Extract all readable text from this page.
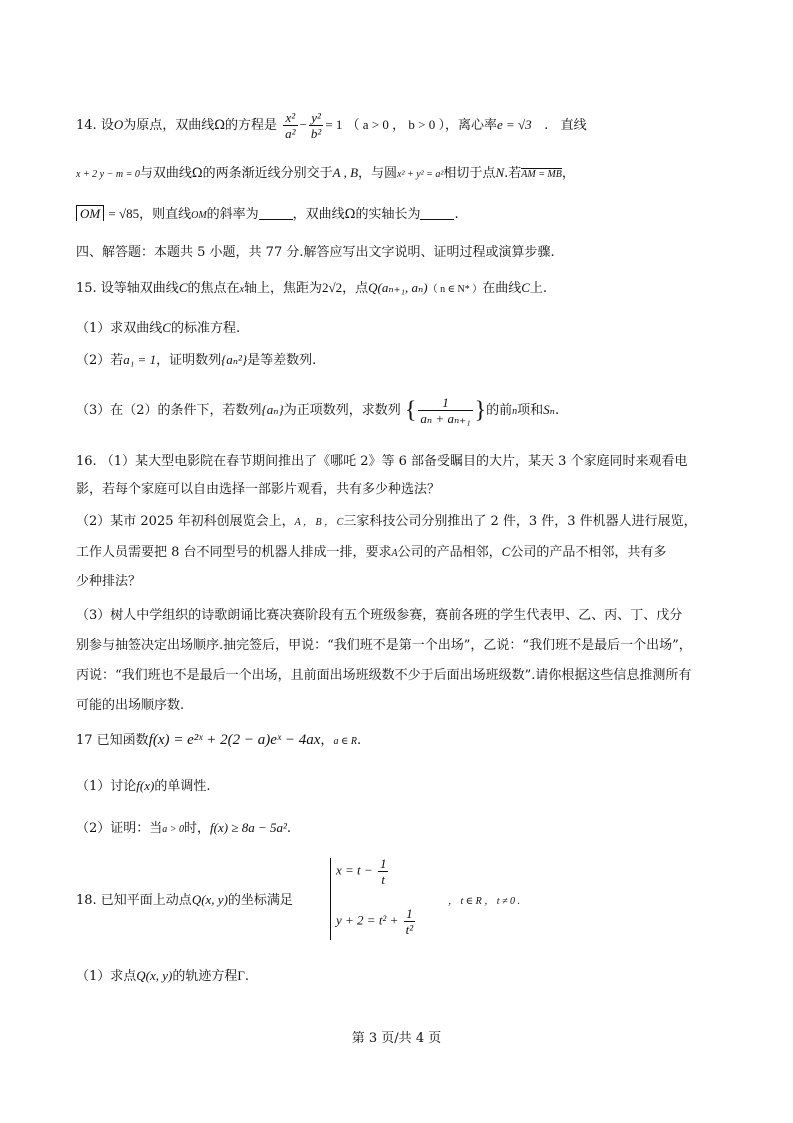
14. 设O为原点，双曲线Ω的方程是 $\frac{\text{x²}}{\text{a²}} - \frac{\text{y²}}{\text{b²}} = 1$ （ a > 0 ， b > 0 ），离心率e = √3   .   直线
x + 2 y − m = 0与双曲线Ω的两条渐近线分别交于A , B，与圆x² + y² = a²相切于点N.若AM = MB，
OM = √85，则直线OM的斜率为	，双曲线Ω的实轴长为	.
四、解答题：本题共 5 小题，共 77 分.解答应写出文字说明、证明过程或演算步骤.
15. 设等轴双曲线C的焦点在x轴上，焦距为2√2，点Q(aₙ₊₁, aₙ)（ n ∈ N* ）在曲线C上.
（1）求双曲线C的标准方程.
（2）若a₁ = 1，证明数列{aₙ²}是等差数列.
（3）在（2）的条件下，若数列{aₙ}为正项数列，求数列 { $\frac{1}{\text{aₙ + aₙ₊₁}}$ }的前n项和Sₙ.
16. （1）某大型电影院在春节期间推出了《哪吒 2》等 6 部备受瞩目的大片，某天 3 个家庭同时来观看电
影，若每个家庭可以自由选择一部影片观看，共有多少种选法？
（2）某市 2025 年初科创展览会上，A ， B ， C三家科技公司分别推出了 2 件，3 件，3 件机器人进行展览，
工作人员需要把 8 台不同型号的机器人排成一排，要求A公司的产品相邻，C公司的产品不相邻，共有多
少种排法？
（3）树人中学组织的诗歌朗诵比赛决赛阶段有五个班级参赛，赛前各班的学生代表甲、乙、丙、丁、戊分
别参与抽签决定出场顺序.抽完签后，甲说：“我们班不是第一个出场”，乙说：“我们班不是最后一个出场”，
丙说：“我们班也不是最后一个出场，且前面出场班级数不少于后面出场班级数”.请你根据这些信息推测所有
可能的出场顺序数.
17 已知函数f(x) = e²ˣ + 2(2 − a)eˣ − 4ax，a ∈ R.
（1）讨论f(x)的单调性.
（2）证明：当a > 0时，f(x) ≥ 8a − 5a².
18. 已知平面上动点Q(x, y)的坐标满足
$x = t - \frac{1}{t}$
$y + 2 = t^2 + \frac{1}{\text{t²}}$
， t ∈ R ， t ≠ 0 .
（1）求点Q(x, y)的轨迹方程Γ.
第 3 页/共 4 页
